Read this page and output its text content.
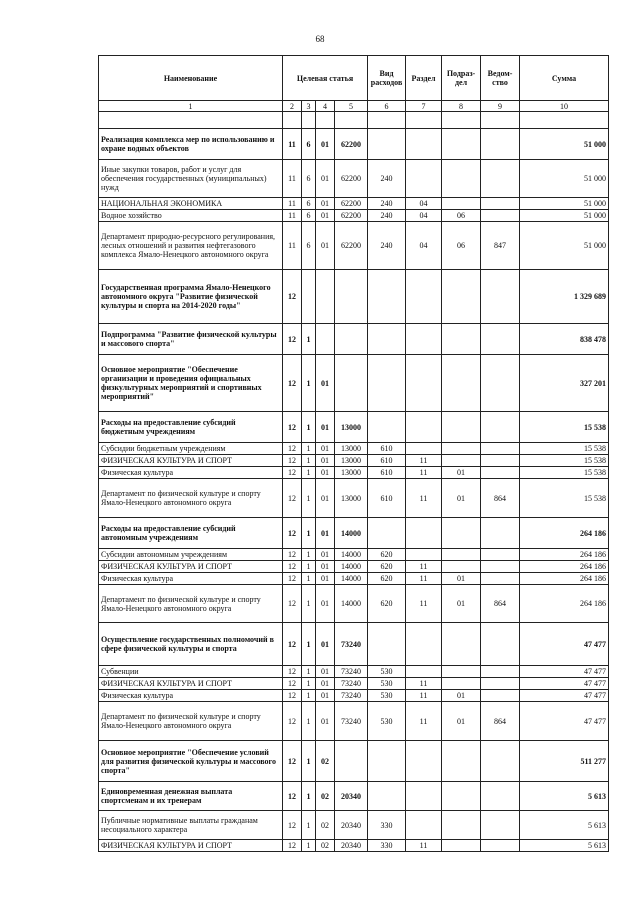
68
Наименование	Целевая статья				Вид расходов	Раздел	Подраз-дел	Ведом-ство	Сумма
1	2	3	4	5	6	7	8	9	10

Реализация комплекса мер по использованию и охране водных объектов	11	6	01	62200					51 000
Иные закупки товаров, работ и услуг для обеспечения государственных (муниципальных) нужд	11	6	01	62200	240				51 000
НАЦИОНАЛЬНАЯ ЭКОНОМИКА	11	6	01	62200	240	04			51 000
Водное хозяйство	11	6	01	62200	240	04	06		51 000
Департамент природно-ресурсного регулирования, лесных отношений и развития нефтегазового комплекса Ямало-Ненецкого автономного округа	11	6	01	62200	240	04	06	847	51 000
Государственная программа Ямало-Ненецкого автономного округа "Развитие физической культуры и спорта на 2014-2020 годы"	12								1 329 689
Подпрограмма "Развитие физической культуры и массового спорта"	12	1							838 478
Основное мероприятие "Обеспечение организации и проведения официальных физкультурных мероприятий и спортивных мероприятий"	12	1	01						327 201
Расходы на предоставление субсидий бюджетным учреждениям	12	1	01	13000					15 538
Субсидии бюджетным учреждениям	12	1	01	13000	610				15 538
ФИЗИЧЕСКАЯ КУЛЬТУРА И СПОРТ	12	1	01	13000	610	11			15 538
Физическая культура	12	1	01	13000	610	11	01		15 538
Департамент по физической культуре и спорту Ямало-Ненецкого автономного округа	12	1	01	13000	610	11	01	864	15 538
Расходы на предоставление субсидий автономным учреждениям	12	1	01	14000					264 186
Субсидии автономным учреждениям	12	1	01	14000	620				264 186
ФИЗИЧЕСКАЯ КУЛЬТУРА И СПОРТ	12	1	01	14000	620	11			264 186
Физическая культура	12	1	01	14000	620	11	01		264 186
Департамент по физической культуре и спорту Ямало-Ненецкого автономного округа	12	1	01	14000	620	11	01	864	264 186
Осуществление государственных полномочий в сфере физической культуры и спорта	12	1	01	73240					47 477
Субвенции	12	1	01	73240	530				47 477
ФИЗИЧЕСКАЯ КУЛЬТУРА И СПОРТ	12	1	01	73240	530	11			47 477
Физическая культура	12	1	01	73240	530	11	01		47 477
Департамент по физической культуре и спорту Ямало-Ненецкого автономного округа	12	1	01	73240	530	11	01	864	47 477
Основное мероприятие "Обеспечение условий для развития физической культуры и массового спорта"	12	1	02						511 277
Единовременная денежная выплата спортсменам и их тренерам	12	1	02	20340					5 613
Публичные нормативные выплаты гражданам несоциального характера	12	1	02	20340	330				5 613
ФИЗИЧЕСКАЯ КУЛЬТУРА И СПОРТ	12	1	02	20340	330	11			5 613
